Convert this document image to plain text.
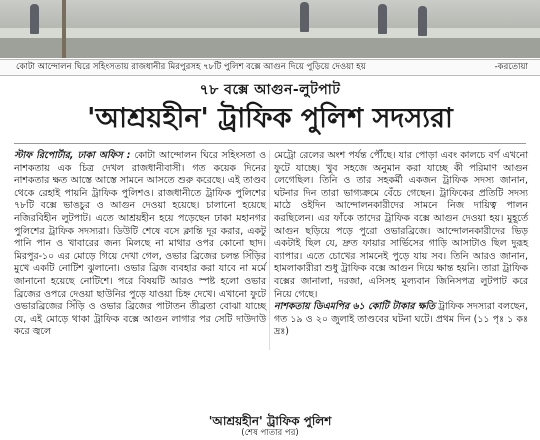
কোটা আন্দোলন ঘিরে সহিংসতায় রাজধানীর মিরপুরসহ ৭৮টি পুলিশ বক্সে আগুন দিয়ে পুড়িয়ে দেওয়া হয়	-করতোয়া
৭৮ বক্সে আগুন-লুটপাট
'আশ্রয়হীন' ট্রাফিক পুলিশ সদস্যরা

স্টাফ রিপোর্টার, ঢাকা অফিস : কোটা আন্দোলন ঘিরে সহিংসতা ও নাশকতায় এক চিত্র দেখল রাজধানীবাসী। গত কয়েক দিনের নাশকতার ক্ষত আস্তে আস্তে সামনে আসতে শুরু করেছে। এই তাণ্ডব থেকে রেহাই পায়নি ট্রাফিক পুলিশও। রাজধানীতে ট্রাফিক পুলিশের ৭৮টি বক্সে ভাঙচুর ও আগুন দেওয়া হয়েছে। চালানো হয়েছে নজিরবিহীন লুটপাট। এতে আশ্রয়হীন হয়ে পড়েছেন ঢাকা মহানগর পুলিশের ট্রাফিক সদস্যরা। ডিউটি শেষে বসে ক্লান্তি দূর করার, একটু পানি পান ও খাবারের জন্য মিলছে না মাথার ওপর কোনো ছাদ। মিরপুর-১০ এর মোড়ে গিয়ে দেখা গেল, ওভার ব্রিজের চলন্ত সিঁড়ির মুখে একটি নোটিশ ঝুলানো। ওভার ব্রিজ ব্যবহার করা যাবে না মর্মে জানানো হয়েছে নোটিশে। পরে বিষয়টি আরও স্পষ্ট হলো ওভার ব্রিজের ওপরে দেওয়া ছাউনির পুড়ে যাওয়া চিহ্ন দেখে। এখানো ফুটে ওভারব্রিজের সিঁড়ি ও ওভার ব্রিজের পাটাতন তীব্রতা বোঝা যাচ্ছে যে, এই মোড়ে থাকা ট্রাফিক বক্সে আগুন লাগার পর সেটি দাউদাউ করে জ্বলে

মেট্রো রেলের অংশ পর্যন্ত পৌঁছে। যার পোড়া এবং কালচে বর্ণ এখনো ফুটে যাচ্ছে। খুব সহজে অনুমান করা যাচ্ছে কী পরিমাণ আগুন লেগেছিল। তিনি ও তার সহকর্মী একজন ট্রাফিক সদস্য জানান, ঘটনার দিন তারা ভাগ্যক্রমে বেঁচে গেছেন। ট্রাফিকের প্রতিটি সদস্য মাঠে ওইদিন আন্দোলনকারীদের সামনে নিজ দায়িত্ব পালন করছিলেন। এর ফাঁকে তাদের ট্রাফিক বক্সে আগুন দেওয়া হয়। মুহূর্তে আগুন ছড়িয়ে পড়ে পুরো ওভারব্রিজে। আন্দোলনকারীদের ভিড় একটাই ছিল যে, দ্রুত ফায়ার সার্ভিসের গাড়ি আসাটাও ছিল দুরূহ ব্যাপার। এতে চোখের সামনেই পুড়ে যায় সব। তিনি আরও জানান, হামলাকারীরা শুধু ট্রাফিক বক্সে আগুন দিয়ে ক্ষান্ত হয়নি। তারা ট্রাফিক বক্সের জানালা, দরজা, এসিসহ মূল্যবান জিনিসপত্র লুটপাট করে নিয়ে গেছে।

নাশকতায় ডিএমপির ৬১ কোটি টাকার ক্ষতি ট্রাফিক সদস্যরা বলছেন, গত ১৯ ও ২০ জুলাই তাণ্ডবের ঘটনা ঘটে। প্রথম দিন (১১ পৃঃ ১ কঃ দ্রঃ)

'আশ্রয়হীন' ট্রাফিক পুলিশ
(শেষ পাতার পর)
